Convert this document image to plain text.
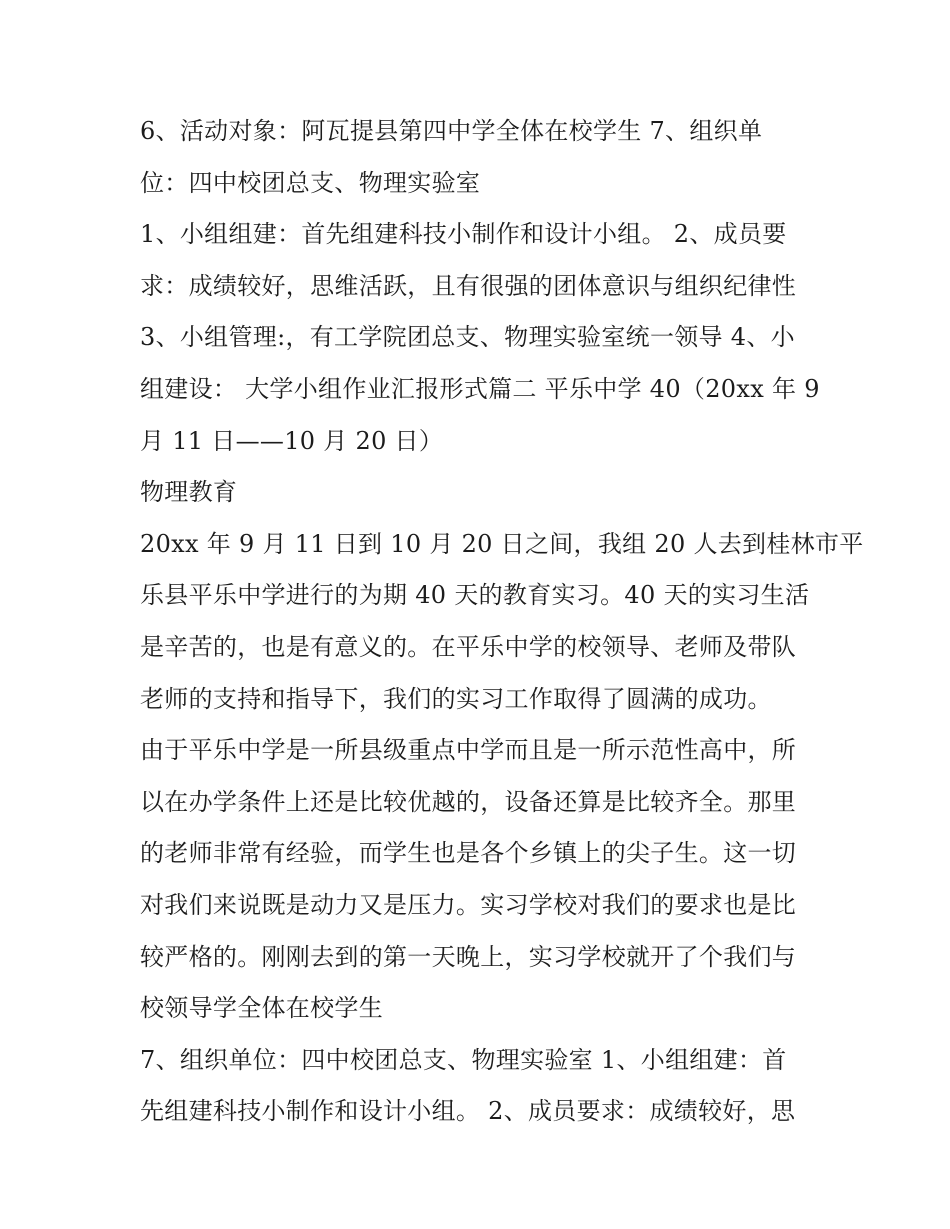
6、活动对象：阿瓦提县第四中学全体在校学生 7、组织单
位：四中校团总支、物理实验室
1、小组组建：首先组建科技小制作和设计小组。 2、成员要
求：成绩较好，思维活跃，且有很强的团体意识与组织纪律性
3、小组管理:，有工学院团总支、物理实验室统一领导 4、小
组建设： 大学小组作业汇报形式篇二 平乐中学 40（20xx 年 9
月 11 日——10 月 20 日）
物理教育
20xx 年 9 月 11 日到 10 月 20 日之间，我组 20 人去到桂林市平
乐县平乐中学进行的为期 40 天的教育实习。40 天的实习生活
是辛苦的，也是有意义的。在平乐中学的校领导、老师及带队
老师的支持和指导下，我们的实习工作取得了圆满的成功。
由于平乐中学是一所县级重点中学而且是一所示范性高中，所
以在办学条件上还是比较优越的，设备还算是比较齐全。那里
的老师非常有经验，而学生也是各个乡镇上的尖子生。这一切
对我们来说既是动力又是压力。实习学校对我们的要求也是比
较严格的。刚刚去到的第一天晚上，实习学校就开了个我们与
校领导学全体在校学生
7、组织单位：四中校团总支、物理实验室 1、小组组建：首
先组建科技小制作和设计小组。 2、成员要求：成绩较好，思
